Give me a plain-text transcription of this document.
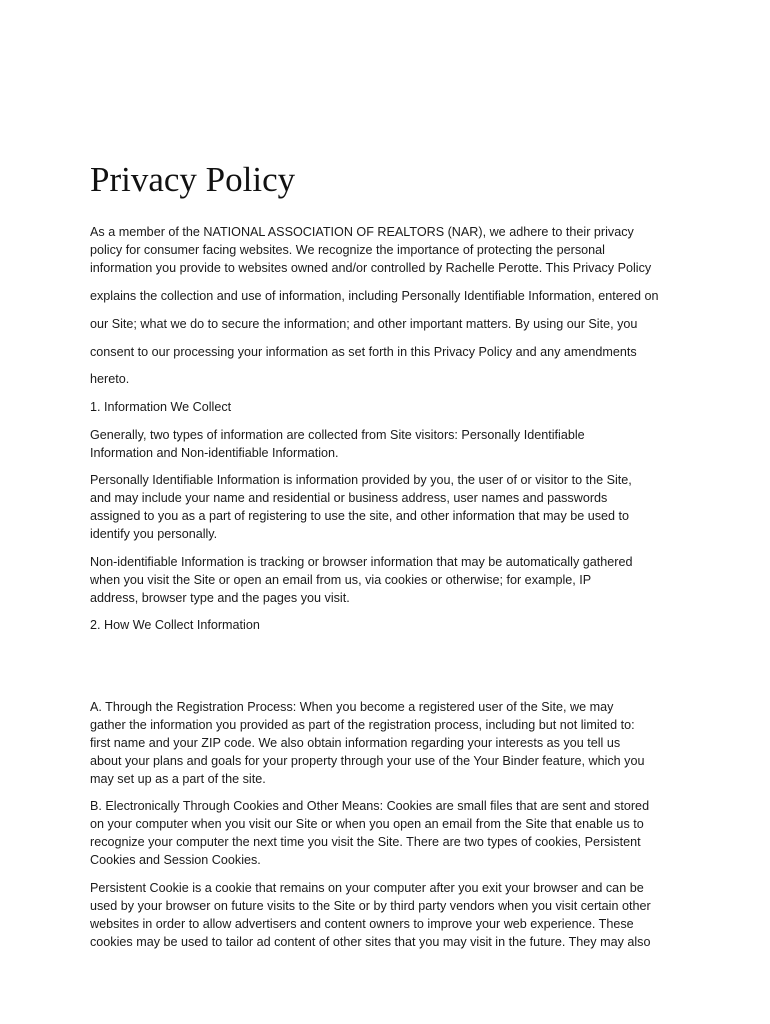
Privacy Policy
As a member of the NATIONAL ASSOCIATION OF REALTORS (NAR), we adhere to their privacy
policy for consumer facing websites. We recognize the importance of protecting the personal
information you provide to websites owned and/or controlled by Rachelle Perotte. This Privacy Policy
explains the collection and use of information, including Personally Identifiable Information, entered on
our Site; what we do to secure the information; and other important matters. By using our Site, you
consent to our processing your information as set forth in this Privacy Policy and any amendments
hereto.
1. Information We Collect
Generally, two types of information are collected from Site visitors: Personally Identifiable
Information and Non-identifiable Information.
Personally Identifiable Information is information provided by you, the user of or visitor to the Site,
and may include your name and residential or business address, user names and passwords
assigned to you as a part of registering to use the site, and other information that may be used to
identify you personally.
Non-identifiable Information is tracking or browser information that may be automatically gathered
when you visit the Site or open an email from us, via cookies or otherwise; for example, IP
address, browser type and the pages you visit.
2. How We Collect Information
A. Through the Registration Process: When you become a registered user of the Site, we may
gather the information you provided as part of the registration process, including but not limited to:
first name and your ZIP code. We also obtain information regarding your interests as you tell us
about your plans and goals for your property through your use of the Your Binder feature, which you
may set up as a part of the site.
B. Electronically Through Cookies and Other Means: Cookies are small files that are sent and stored
on your computer when you visit our Site or when you open an email from the Site that enable us to
recognize your computer the next time you visit the Site. There are two types of cookies, Persistent
Cookies and Session Cookies.
Persistent Cookie is a cookie that remains on your computer after you exit your browser and can be
used by your browser on future visits to the Site or by third party vendors when you visit certain other
websites in order to allow advertisers and content owners to improve your web experience. These
cookies may be used to tailor ad content of other sites that you may visit in the future. They may also
